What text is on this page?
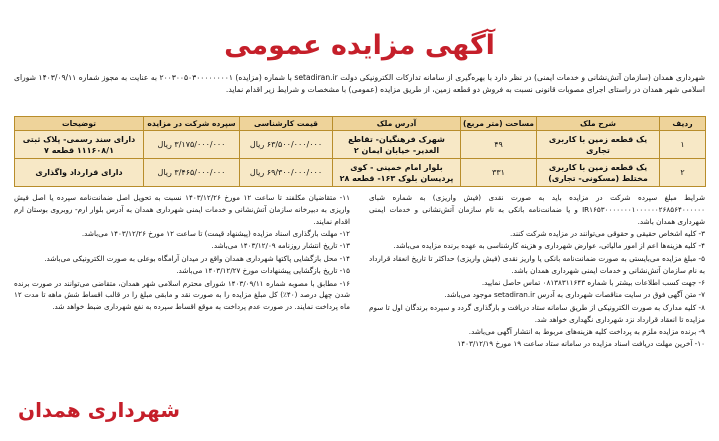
آگهی مزایده عمومی

شهرداری همدان (سازمان آتش‌نشانی و خدمات ایمنی) در نظر دارد با بهره‌گیری از سامانه تدارکات الکترونیکی دولت setadiran.ir با شماره (مزایده) ۲۰۰۳۰۰۵۰۳۰۰۰۰۰۰۰۰۱ به عنایت به مجوز شماره ۱۴۰۳/۰۹/۱۱ شورای اسلامی شهر همدان در راستای اجرای مصوبات قانونی نسبت به فروش دو قطعه زمین، از طریق مزایده (عمومی) با مشخصات و شرایط زیر اقدام نماید.

ردیف	شرح ملک	مساحت (متر مربع)	آدرس ملک	قیمت کارشناسی	سپرده شرکت در مزایده	توضیحات
۱	یک قطعه زمین با کاربری تجاری	۴۹	شهرک فرهنگیان- تقاطع الغدیر- خیابان ایمان ۲	۶۳/۵۰۰/۰۰۰/۰۰۰ ریال	۳/۱۷۵/۰۰۰/۰۰۰ ریال	دارای سند رسمی- پلاک ثبتی ۱۱۱۶۰۸/۱ قطعه ۷
۲	یک قطعه زمین با کاربری مختلط (مسکونی- تجاری)	۳۳۱	بلوار امام خمینی - کوی پردیسان بلوک ۱۶۳- قطعه ۲۸	۶۹/۳۰۰/۰۰۰/۰۰۰ ریال	۳/۴۶۵/۰۰۰/۰۰۰ ریال	دارای قرارداد واگذاری

شرایط مبلغ سپرده شرکت در مزایده باید به صورت نقدی (فیش واریزی) به شماره شبای IR۱۶۵۳۰۰۰۰۰۰۰۱۰۰۰۰۰۰۲۶۸۵۶۴۰۰۰۰۰۰ و یا ضمانت‌نامه بانکی به نام سازمان آتش‌نشانی و خدمات ایمنی شهرداری همدان باشد.

۳- کلیه اشخاص حقیقی و حقوقی می‌توانند در مزایده شرکت کنند.

۴- کلیه هزینه‌ها اعم از امور مالیاتی، عوارض شهرداری و هزینه کارشناسی به عهده برنده مزایده می‌باشد.

۵- مبلغ مزایده می‌بایستی به صورت ضمانت‌نامه بانکی یا واریز نقدی (فیش واریزی) حداکثر تا تاریخ انعقاد قرارداد به نام سازمان آتش‌نشانی و خدمات ایمنی شهرداری همدان باشد.

۶- جهت کسب اطلاعات بیشتر با شماره ۰۸۱۳۸۳۱۱۶۴۳ تماس حاصل نمایید.

۷- متن آگهی فوق در سایت مناقصات شهرداری به آدرس setadiran.ir موجود می‌باشد.

۸- کلیه مدارک به صورت الکترونیکی از طریق سامانه ستاد دریافت و بارگذاری گردد و سپرده برندگان اول تا سوم مزایده تا انعقاد قرارداد نزد شهرداری نگهداری خواهد شد.

۹- برنده مزایده ملزم به پرداخت کلیه هزینه‌های مربوط به انتشار آگهی می‌باشد.

۱۰- آخرین مهلت دریافت اسناد مزایده در سامانه ستاد ساعت ۱۹ مورخ ۱۴۰۳/۱۲/۱۹

۱۱- متقاضیان مکلفند تا ساعت ۱۲ مورخ ۱۴۰۳/۱۲/۲۶ نسبت به تحویل اصل ضمانت‌نامه سپرده یا اصل فیش واریزی به دبیرخانه سازمان آتش‌نشانی و خدمات ایمنی شهرداری همدان به آدرس بلوار ارم- روبروی بوستان ارم اقدام نمایند.

۱۲- مهلت بارگذاری اسناد مزایده (پیشنهاد قیمت) تا ساعت ۱۲ مورخ ۱۴۰۳/۱۲/۲۶ می‌باشد.

۱۳- تاریخ انتشار روزنامه ۱۴۰۳/۱۲/۰۹ می‌باشد.

۱۴- محل بازگشایی پاکتها شهرداری همدان واقع در میدان آرامگاه بوعلی به صورت الکترونیکی می‌باشد.

۱۵- تاریخ بازگشایی پیشنهادات مورخ ۱۴۰۳/۱۲/۲۷ می‌باشد.

۱۶- مطابق با مصوبه شماره ۱۴۰۳/۰۹/۱۱ شورای محترم اسلامی شهر همدان، متقاضی می‌توانند در صورت برنده شدن چهل درصد (۴۰٪) کل مبلغ مزایده را به صورت نقد و مابقی مبلغ را در قالب اقساط شش ماهه تا مدت ۱۲ ماه پرداخت نمایند. در صورت عدم پرداخت به موقع اقساط سپرده به نفع شهرداری ضبط خواهد شد.

شهرداری همدان
